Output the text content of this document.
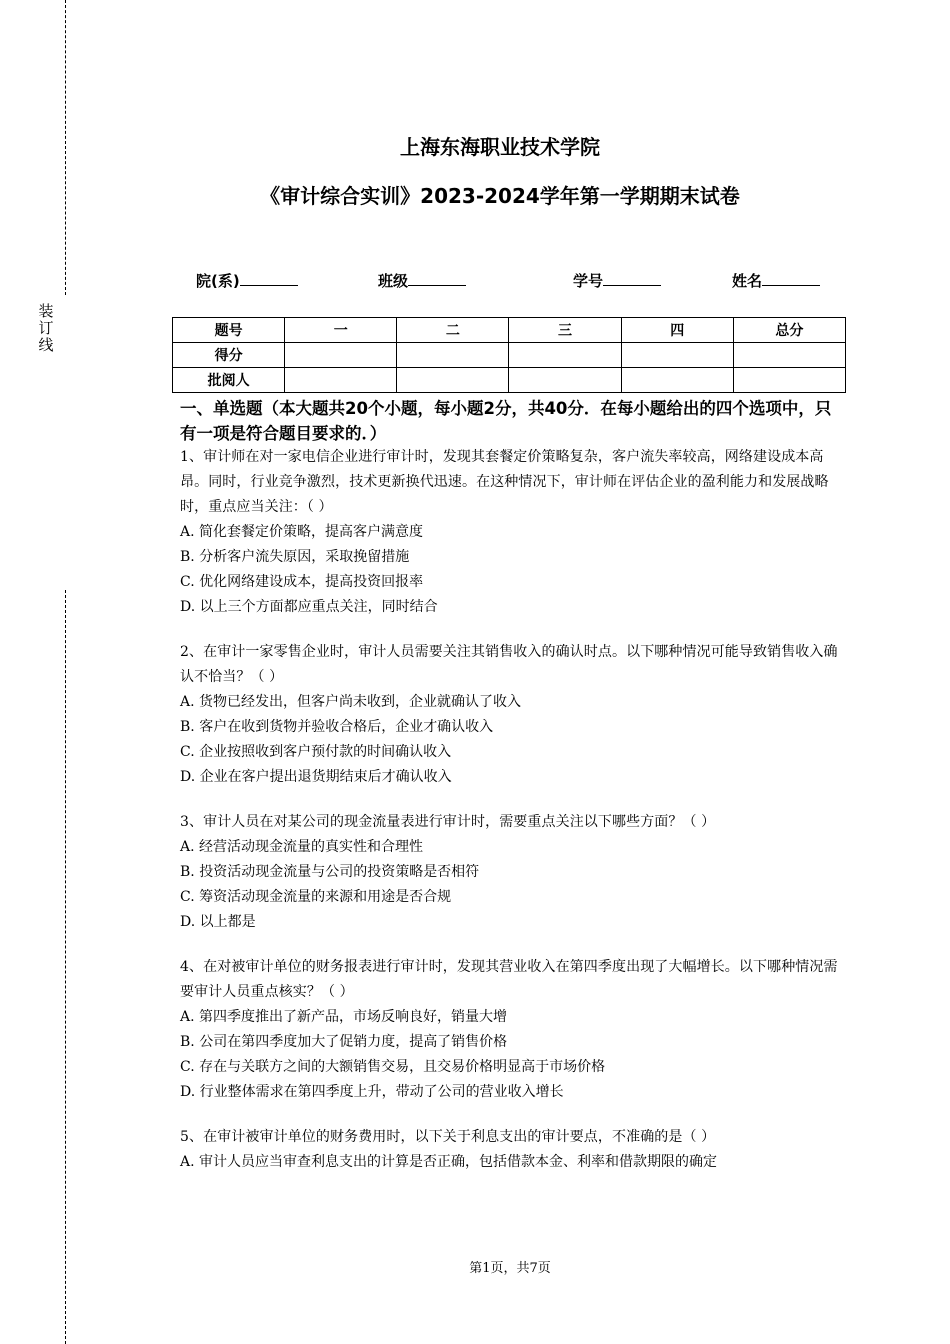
装
订
线
上海东海职业技术学院
《审计综合实训》2023-2024学年第一学期期末试卷
院(系)	班级	学号	姓名
题号	一	二	三	四	总分
得分					
批阅人					
一、单选题（本大题共20个小题，每小题2分，共40分．在每小题给出的四个选项中，只有一项是符合题目要求的．）

1、审计师在对一家电信企业进行审计时，发现其套餐定价策略复杂，客户流失率较高，网络建设成本高昂。同时，行业竞争激烈，技术更新换代迅速。在这种情况下，审计师在评估企业的盈利能力和发展战略时，重点应当关注：（ ）

A. 简化套餐定价策略，提高客户满意度

B. 分析客户流失原因，采取挽留措施

C. 优化网络建设成本，提高投资回报率

D. 以上三个方面都应重点关注，同时结合

2、在审计一家零售企业时，审计人员需要关注其销售收入的确认时点。以下哪种情况可能导致销售收入确认不恰当？（ ）

A. 货物已经发出，但客户尚未收到，企业就确认了收入

B. 客户在收到货物并验收合格后，企业才确认收入

C. 企业按照收到客户预付款的时间确认收入

D. 企业在客户提出退货期结束后才确认收入

3、审计人员在对某公司的现金流量表进行审计时，需要重点关注以下哪些方面？（ ）

A. 经营活动现金流量的真实性和合理性

B. 投资活动现金流量与公司的投资策略是否相符

C. 筹资活动现金流量的来源和用途是否合规

D. 以上都是

4、在对被审计单位的财务报表进行审计时，发现其营业收入在第四季度出现了大幅增长。以下哪种情况需要审计人员重点核实？（ ）

A. 第四季度推出了新产品，市场反响良好，销量大增

B. 公司在第四季度加大了促销力度，提高了销售价格

C. 存在与关联方之间的大额销售交易，且交易价格明显高于市场价格

D. 行业整体需求在第四季度上升，带动了公司的营业收入增长

5、在审计被审计单位的财务费用时，以下关于利息支出的审计要点，不准确的是（ ）

A. 审计人员应当审查利息支出的计算是否正确，包括借款本金、利率和借款期限的确定

第1页，共7页
